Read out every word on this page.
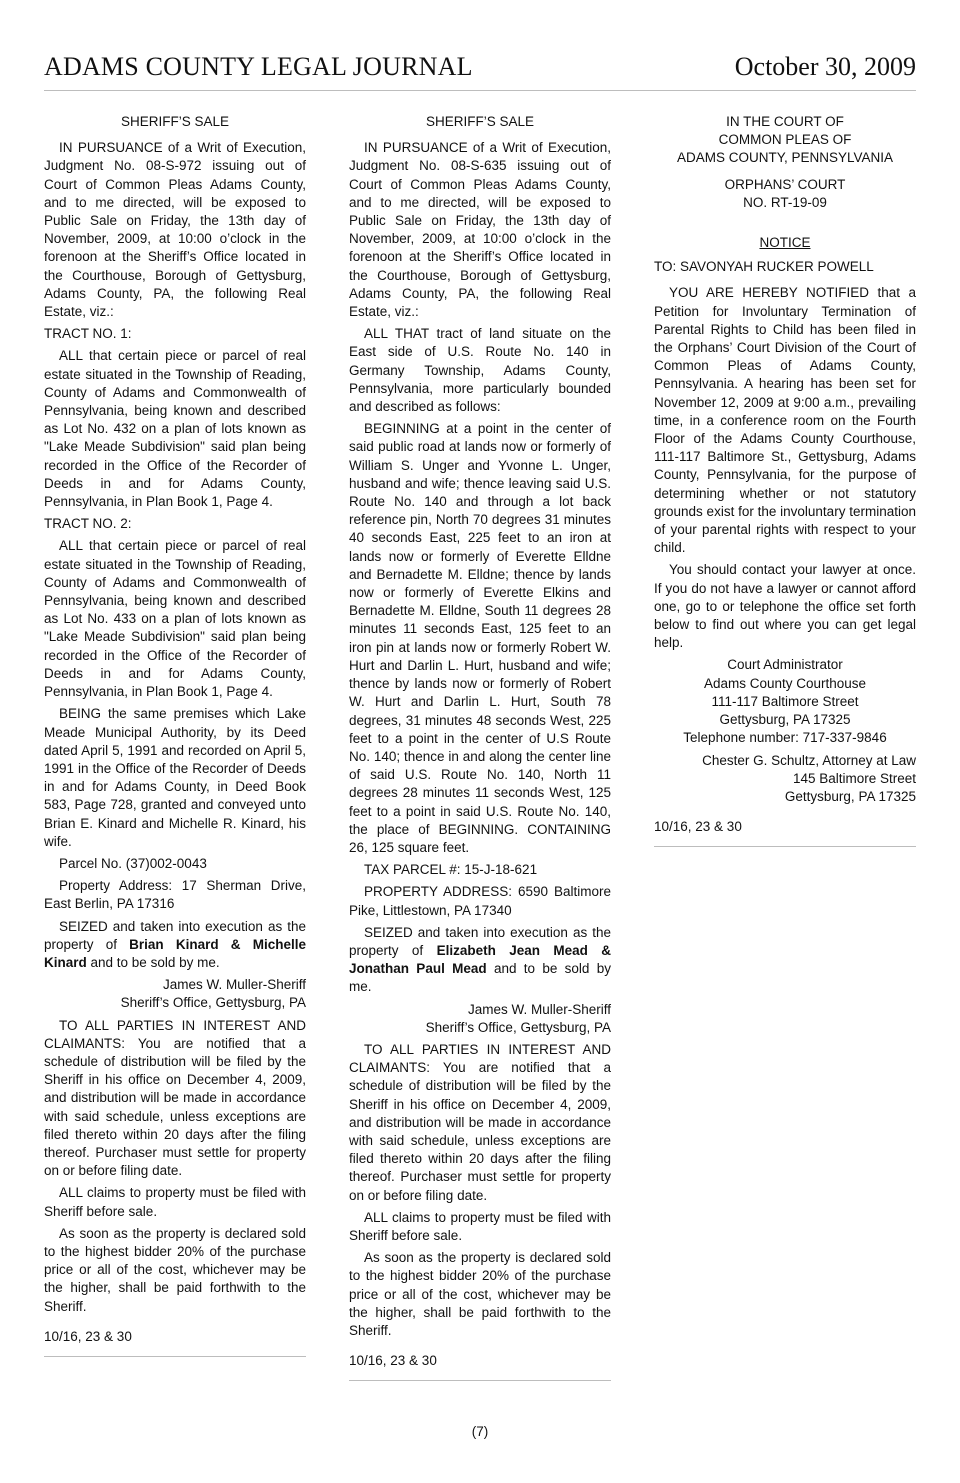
ADAMS COUNTY LEGAL JOURNAL	October 30, 2009

SHERIFF’S SALE

IN PURSUANCE of a Writ of Execution, Judgment No. 08-S-972 issuing out of Court of Common Pleas Adams County, and to me directed, will be exposed to Public Sale on Friday, the 13th day of November, 2009, at 10:00 o’clock in the forenoon at the Sheriff’s Office located in the Courthouse, Borough of Gettysburg, Adams County, PA, the following Real Estate, viz.:

TRACT NO. 1:

ALL that certain piece or parcel of real estate situated in the Township of Reading, County of Adams and Commonwealth of Pennsylvania, being known and described as Lot No. 432 on a plan of lots known as "Lake Meade Subdivision" said plan being recorded in the Office of the Recorder of Deeds in and for Adams County, Pennsylvania, in Plan Book 1, Page 4.

TRACT NO. 2:

ALL that certain piece or parcel of real estate situated in the Township of Reading, County of Adams and Commonwealth of Pennsylvania, being known and described as Lot No. 433 on a plan of lots known as "Lake Meade Subdivision" said plan being recorded in the Office of the Recorder of Deeds in and for Adams County, Pennsylvania, in Plan Book 1, Page 4.

BEING the same premises which Lake Meade Municipal Authority, by its Deed dated April 5, 1991 and recorded on April 5, 1991 in the Office of the Recorder of Deeds in and for Adams County, in Deed Book 583, Page 728, granted and conveyed unto Brian E. Kinard and Michelle R. Kinard, his wife.

Parcel No. (37)002-0043

Property Address: 17 Sherman Drive, East Berlin, PA 17316

SEIZED and taken into execution as the property of Brian Kinard & Michelle Kinard and to be sold by me.

James W. Muller-Sheriff

Sheriff’s Office, Gettysburg, PA

TO ALL PARTIES IN INTEREST AND CLAIMANTS: You are notified that a schedule of distribution will be filed by the Sheriff in his office on December 4, 2009, and distribution will be made in accordance with said schedule, unless exceptions are filed thereto within 20 days after the filing thereof. Purchaser must settle for property on or before filing date.

ALL claims to property must be filed with Sheriff before sale.

As soon as the property is declared sold to the highest bidder 20% of the purchase price or all of the cost, whichever may be the higher, shall be paid forthwith to the Sheriff.

10/16, 23 & 30

SHERIFF’S SALE

IN PURSUANCE of a Writ of Execution, Judgment No. 08-S-635 issuing out of Court of Common Pleas Adams County, and to me directed, will be exposed to Public Sale on Friday, the 13th day of November, 2009, at 10:00 o’clock in the forenoon at the Sheriff’s Office located in the Courthouse, Borough of Gettysburg, Adams County, PA, the following Real Estate, viz.:

ALL THAT tract of land situate on the East side of U.S. Route No. 140 in Germany Township, Adams County, Pennsylvania, more particularly bounded and described as follows:

BEGINNING at a point in the center of said public road at lands now or formerly of William S. Unger and Yvonne L. Unger, husband and wife; thence leaving said U.S. Route No. 140 and through a lot back reference pin, North 70 degrees 31 minutes 40 seconds East, 225 feet to an iron at lands now or formerly of Everette Elldne and Bernadette M. Elldne; thence by lands now or formerly of Everette Elkins and Bernadette M. Elldne, South 11 degrees 28 minutes 11 seconds East, 125 feet to an iron pin at lands now or formerly Robert W. Hurt and Darlin L. Hurt, husband and wife; thence by lands now or formerly of Robert W. Hurt and Darlin L. Hurt, South 78 degrees, 31 minutes 48 seconds West, 225 feet to a point in the center of U.S Route No. 140; thence in and along the center line of said U.S. Route No. 140, North 11 degrees 28 minutes 11 seconds West, 125 feet to a point in said U.S. Route No. 140, the place of BEGINNING. CONTAINING 26, 125 square feet.

TAX PARCEL #: 15-J-18-621

PROPERTY ADDRESS: 6590 Baltimore Pike, Littlestown, PA 17340

SEIZED and taken into execution as the property of Elizabeth Jean Mead & Jonathan Paul Mead and to be sold by me.

James W. Muller-Sheriff

Sheriff’s Office, Gettysburg, PA

TO ALL PARTIES IN INTEREST AND CLAIMANTS: You are notified that a schedule of distribution will be filed by the Sheriff in his office on December 4, 2009, and distribution will be made in accordance with said schedule, unless exceptions are filed thereto within 20 days after the filing thereof. Purchaser must settle for property on or before filing date.

ALL claims to property must be filed with Sheriff before sale.

As soon as the property is declared sold to the highest bidder 20% of the purchase price or all of the cost, whichever may be the higher, shall be paid forthwith to the Sheriff.

10/16, 23 & 30

IN THE COURT OF

COMMON PLEAS OF

ADAMS COUNTY, PENNSYLVANIA

ORPHANS’ COURT

NO. RT-19-09

NOTICE

TO: SAVONYAH RUCKER POWELL

YOU ARE HEREBY NOTIFIED that a Petition for Involuntary Termination of Parental Rights to Child has been filed in the Orphans’ Court Division of the Court of Common Pleas of Adams County, Pennsylvania. A hearing has been set for November 12, 2009 at 9:00 a.m., prevailing time, in a conference room on the Fourth Floor of the Adams County Courthouse, 111-117 Baltimore St., Gettysburg, Adams County, Pennsylvania, for the purpose of determining whether or not statutory grounds exist for the involuntary termination of your parental rights with respect to your child.

You should contact your lawyer at once. If you do not have a lawyer or cannot afford one, go to or telephone the office set forth below to find out where you can get legal help.

Court Administrator

Adams County Courthouse

111-117 Baltimore Street

Gettysburg, PA 17325

Telephone number: 717-337-9846

Chester G. Schultz, Attorney at Law

145 Baltimore Street

Gettysburg, PA 17325

10/16, 23 & 30

(7)
